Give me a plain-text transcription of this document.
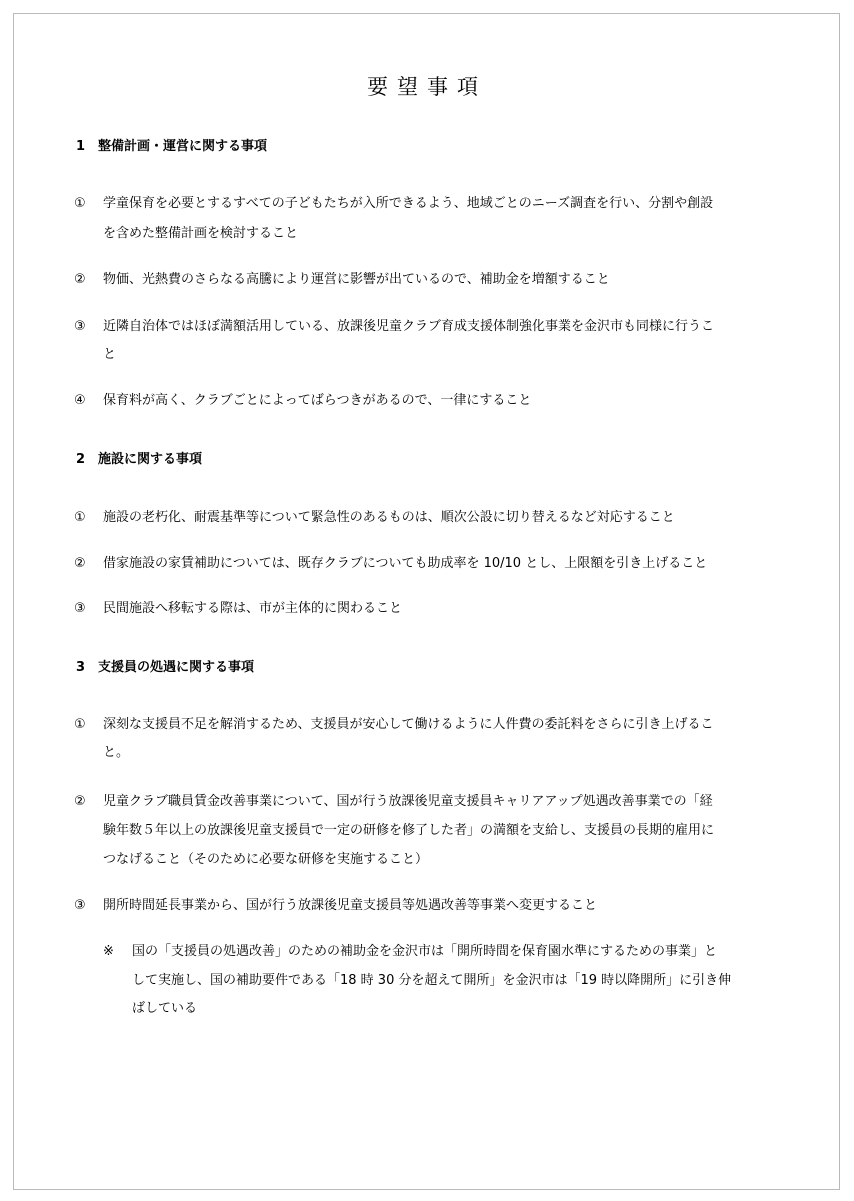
要望事項
1 整備計画・運営に関する事項
①	学童保育を必要とするすべての子どもたちが入所できるよう、地域ごとのニーズ調査を行い、分割や創設
を含めた整備計画を検討すること
②	物価、光熱費のさらなる高騰により運営に影響が出ているので、補助金を増額すること
③	近隣自治体ではほぼ満額活用している、放課後児童クラブ育成支援体制強化事業を金沢市も同様に行うこ
と
④	保育料が高く、クラブごとによってばらつきがあるので、一律にすること
2 施設に関する事項
①	施設の老朽化、耐震基準等について緊急性のあるものは、順次公設に切り替えるなど対応すること
②	借家施設の家賃補助については、既存クラブについても助成率を 10/10 とし、上限額を引き上げること
③	民間施設へ移転する際は、市が主体的に関わること
3 支援員の処遇に関する事項
①	深刻な支援員不足を解消するため、支援員が安心して働けるように人件費の委託料をさらに引き上げるこ
と。
②	児童クラブ職員賃金改善事業について、国が行う放課後児童支援員キャリアアップ処遇改善事業での「経
験年数５年以上の放課後児童支援員で一定の研修を修了した者」の満額を支給し、支援員の長期的雇用に
つなげること（そのために必要な研修を実施すること）
③	開所時間延長事業から、国が行う放課後児童支援員等処遇改善等事業へ変更すること
※	国の「支援員の処遇改善」のための補助金を金沢市は「開所時間を保育園水準にするための事業」と
して実施し、国の補助要件である「18 時 30 分を超えて開所」を金沢市は「19 時以降開所」に引き伸
ばしている
